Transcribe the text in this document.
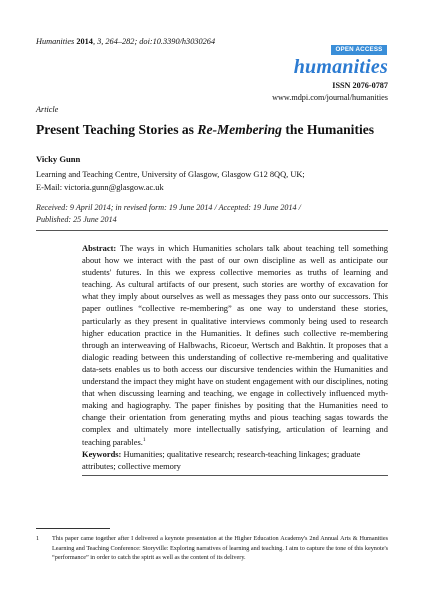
Humanities 2014, 3, 264–282; doi:10.3390/h3030264
OPEN ACCESS
humanities
ISSN 2076-0787
www.mdpi.com/journal/humanities
Article
Present Teaching Stories as Re-Membering the Humanities
Vicky Gunn
Learning and Teaching Centre, University of Glasgow, Glasgow G12 8QQ, UK;
E-Mail: victoria.gunn@glasgow.ac.uk
Received: 9 April 2014; in revised form: 19 June 2014 / Accepted: 19 June 2014 /
Published: 25 June 2014
Abstract: The ways in which Humanities scholars talk about teaching tell something about how we interact with the past of our own discipline as well as anticipate our students' futures. In this we express collective memories as truths of learning and teaching. As cultural artifacts of our present, such stories are worthy of excavation for what they imply about ourselves as well as messages they pass onto our successors. This paper outlines “collective re-membering” as one way to understand these stories, particularly as they present in qualitative interviews commonly being used to research higher education practice in the Humanities. It defines such collective re-membering through an interweaving of Halbwachs, Ricoeur, Wertsch and Bakhtin. It proposes that a dialogic reading between this understanding of collective re-membering and qualitative data-sets enables us to both access our discursive tendencies within the Humanities and understand the impact they might have on student engagement with our disciplines, noting that when discussing learning and teaching, we engage in collectively influenced myth-making and hagiography. The paper finishes by positing that the Humanities need to change their orientation from generating myths and pious teaching sagas towards the complex and ultimately more intellectually satisfying, articulation of learning and teaching parables.$^1$
Keywords: Humanities; qualitative research; research-teaching linkages; graduate attributes; collective memory
1	This paper came together after I delivered a keynote presentation at the Higher Education Academy's 2nd Annual Arts & Humanities Learning and Teaching Conference: Storyville: Exploring narratives of learning and teaching. I aim to capture the tone of this keynote's “performance” in order to catch the spirit as well as the content of its delivery.
